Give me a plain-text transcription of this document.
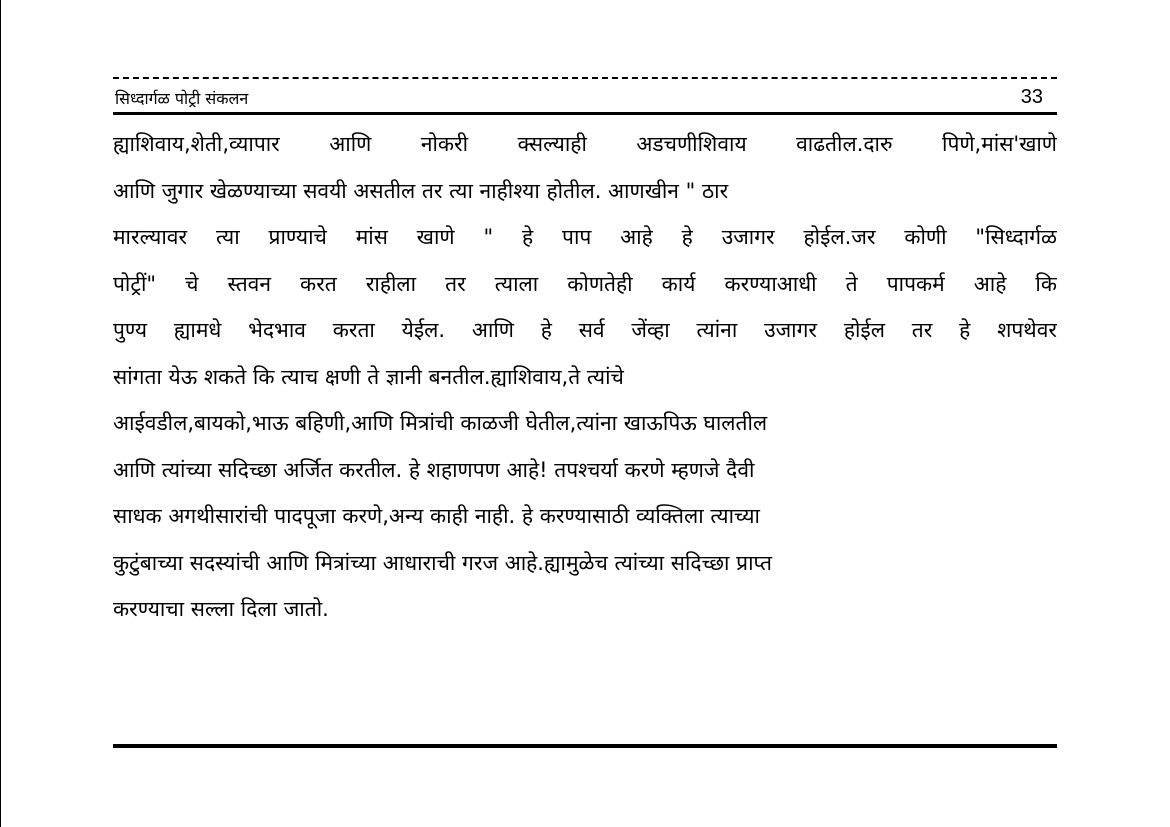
सिध्दार्गळ पोट्री संकलन	33
ह्याशिवाय,शेती,व्यापार आणि नोकरी क्सल्याही अडचणीशिवाय वाढतील.दारु पिणे,मांस'खाणे
आणि जुगार खेळण्याच्या सवयी असतील तर त्या नाहीश्या होतील. आणखीन " ठार
मारल्यावर त्या प्राण्याचे मांस खाणे " हे पाप आहे हे उजागर होईल.जर कोणी "सिध्दार्गळ
पोट्रीं" चे स्तवन करत राहीला तर त्याला कोणतेही कार्य करण्याआधी ते पापकर्म आहे कि
पुण्य ह्यामधे भेदभाव करता येईल. आणि हे सर्व जेंव्हा त्यांना उजागर होईल तर हे शपथेवर
सांगता येऊ शकते कि त्याच क्षणी ते ज्ञानी बनतील.ह्याशिवाय,ते त्यांचे
आईवडील,बायको,भाऊ बहिणी,आणि मित्रांची काळजी घेतील,त्यांना खाऊपिऊ घालतील
आणि त्यांच्या सदिच्छा अर्जित करतील. हे शहाणपण आहे! तपश्चर्या करणे म्हणजे दैवी
साधक अगथीसारांची पादपूजा करणे,अन्य काही नाही. हे करण्यासाठी व्यक्तिला त्याच्या
कुटुंबाच्या सदस्यांची आणि मित्रांच्या आधाराची गरज आहे.ह्यामुळेच त्यांच्या सदिच्छा प्राप्त
करण्याचा सल्ला दिला जातो.
